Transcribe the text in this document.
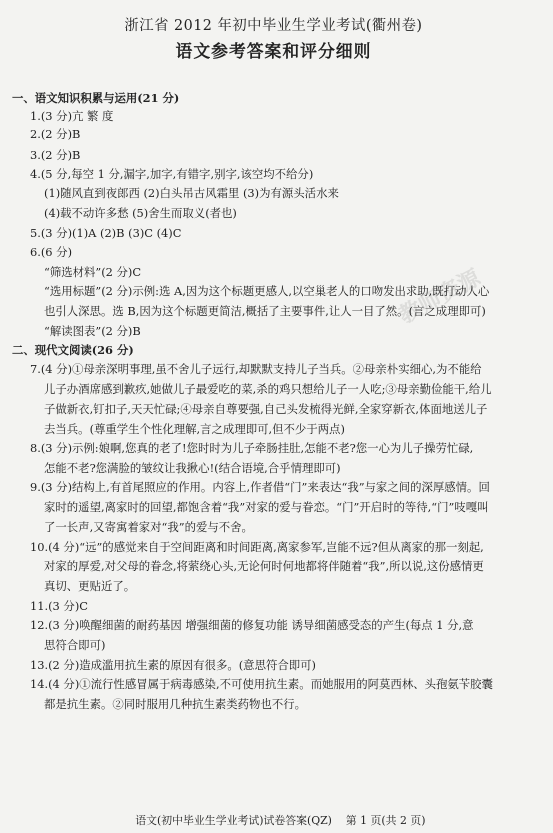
浙江省 2012 年初中毕业生学业考试(衢州卷)
语文参考答案和评分细则
教师资源
一、语文知识积累与运用(21 分)
1.(3 分)亢 繁 度
2.(2 分)B
3.(2 分)B
4.(5 分,每空 1 分,漏字,加字,有错字,别字,该空均不给分)
(1)随风直到夜郎西 (2)白头吊古风霜里 (3)为有源头活水来
(4)载不动许多愁 (5)舍生而取义(者也)
5.(3 分)(1)A (2)B (3)C (4)C
6.(6 分)
“筛选材料”(2 分)C
“选用标题”(2 分)示例:选 A,因为这个标题更感人,以空巢老人的口吻发出求助,既打动人心
也引人深思。选 B,因为这个标题更简洁,概括了主要事件,让人一目了然。(言之成理即可)
“解读图表”(2 分)B
二、现代文阅读(26 分)
7.(4 分)①母亲深明事理,虽不舍儿子远行,却默默支持儿子当兵。②母亲朴实细心,为不能给
儿子办酒席感到歉疚,她做儿子最爱吃的菜,杀的鸡只想给儿子一人吃;③母亲勤俭能干,给儿
子做新衣,钉扣子,天天忙碌;④母亲自尊要强,自己头发梳得光鲜,全家穿新衣,体面地送儿子
去当兵。(尊重学生个性化理解,言之成理即可,但不少于两点)
8.(3 分)示例:娘啊,您真的老了!您时时为儿子牵肠挂肚,怎能不老?您一心为儿子操劳忙碌,
怎能不老?您满脸的皱纹让我揪心!(结合语境,合乎情理即可)
9.(3 分)结构上,有首尾照应的作用。内容上,作者借“门”来表达“我”与家之间的深厚感情。回
家时的遥望,离家时的回望,都饱含着“我”对家的爱与眷恋。“门”开启时的等待,“门”吱嘎叫
了一长声,又寄寓着家对“我”的爱与不舍。
10.(4 分)“远”的感觉来自于空间距离和时间距离,离家参军,岂能不远?但从离家的那一刻起,
对家的厚爱,对父母的眷念,将萦绕心头,无论何时何地都将伴随着“我”,所以说,这份感情更
真切、更贴近了。
11.(3 分)C
12.(3 分)唤醒细菌的耐药基因 增强细菌的修复功能 诱导细菌感受态的产生(每点 1 分,意
思符合即可)
13.(2 分)造成滥用抗生素的原因有很多。(意思符合即可)
14.(4 分)①流行性感冒属于病毒感染,不可使用抗生素。而她服用的阿莫西林、头孢氨苄胶囊
都是抗生素。②同时服用几种抗生素类药物也不行。
语文(初中毕业生学业考试)试卷答案(QZ) 第 1 页(共 2 页)
